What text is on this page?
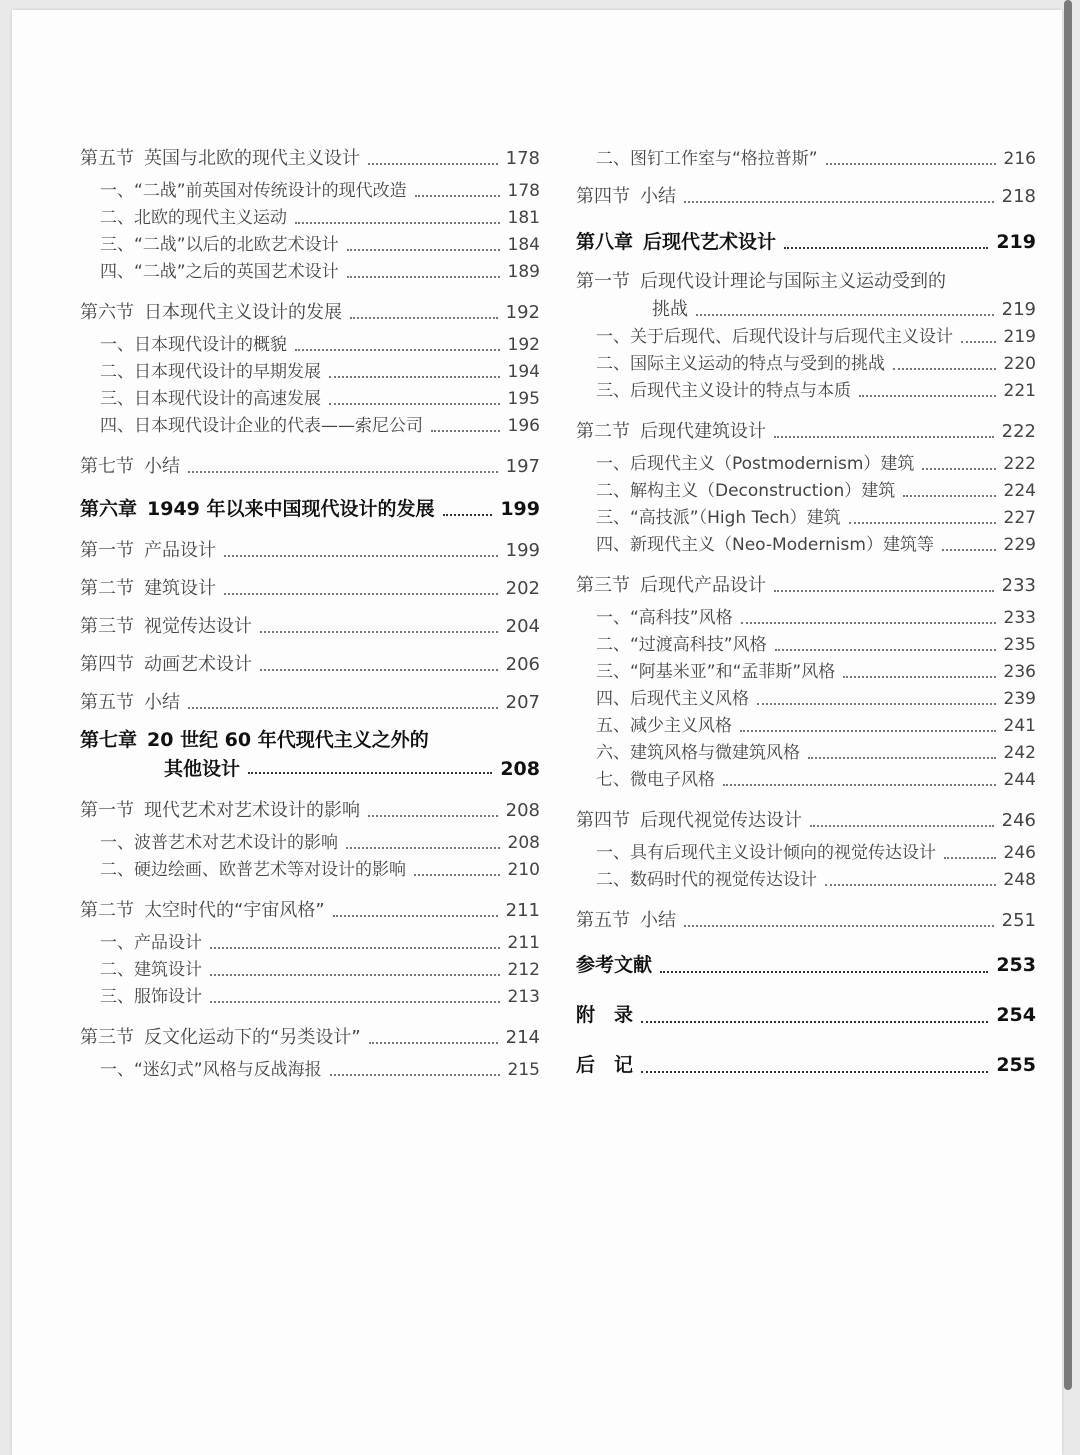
第五节 英国与北欧的现代主义设计	178
一、“二战”前英国对传统设计的现代改造	178
二、北欧的现代主义运动	181
三、“二战”以后的北欧艺术设计	184
四、“二战”之后的英国艺术设计	189
第六节 日本现代主义设计的发展	192
一、日本现代设计的概貌	192
二、日本现代设计的早期发展	194
三、日本现代设计的高速发展	195
四、日本现代设计企业的代表——索尼公司	196
第七节 小结	197
第六章 1949 年以来中国现代设计的发展	199
第一节 产品设计	199
第二节 建筑设计	202
第三节 视觉传达设计	204
第四节 动画艺术设计	206
第五节 小结	207
第七章 20 世纪 60 年代现代主义之外的
其他设计	208
第一节 现代艺术对艺术设计的影响	208
一、波普艺术对艺术设计的影响	208
二、硬边绘画、欧普艺术等对设计的影响	210
第二节 太空时代的“宇宙风格”	211
一、产品设计	211
二、建筑设计	212
三、服饰设计	213
第三节 反文化运动下的“另类设计”	214
一、“迷幻式”风格与反战海报	215
二、图钉工作室与“格拉普斯”	216
第四节 小结	218
第八章 后现代艺术设计	219
第一节 后现代设计理论与国际主义运动受到的
挑战	219
一、关于后现代、后现代设计与后现代主义设计	219
二、国际主义运动的特点与受到的挑战	220
三、后现代主义设计的特点与本质	221
第二节 后现代建筑设计	222
一、后现代主义（Postmodernism）建筑	222
二、解构主义（Deconstruction）建筑	224
三、“高技派”（High Tech）建筑	227
四、新现代主义（Neo-Modernism）建筑等	229
第三节 后现代产品设计	233
一、“高科技”风格	233
二、“过渡高科技”风格	235
三、“阿基米亚”和“孟菲斯”风格	236
四、后现代主义风格	239
五、减少主义风格	241
六、建筑风格与微建筑风格	242
七、微电子风格	244
第四节 后现代视觉传达设计	246
一、具有后现代主义设计倾向的视觉传达设计	246
二、数码时代的视觉传达设计	248
第五节 小结	251
参考文献	253
附　录	254
后　记	255
